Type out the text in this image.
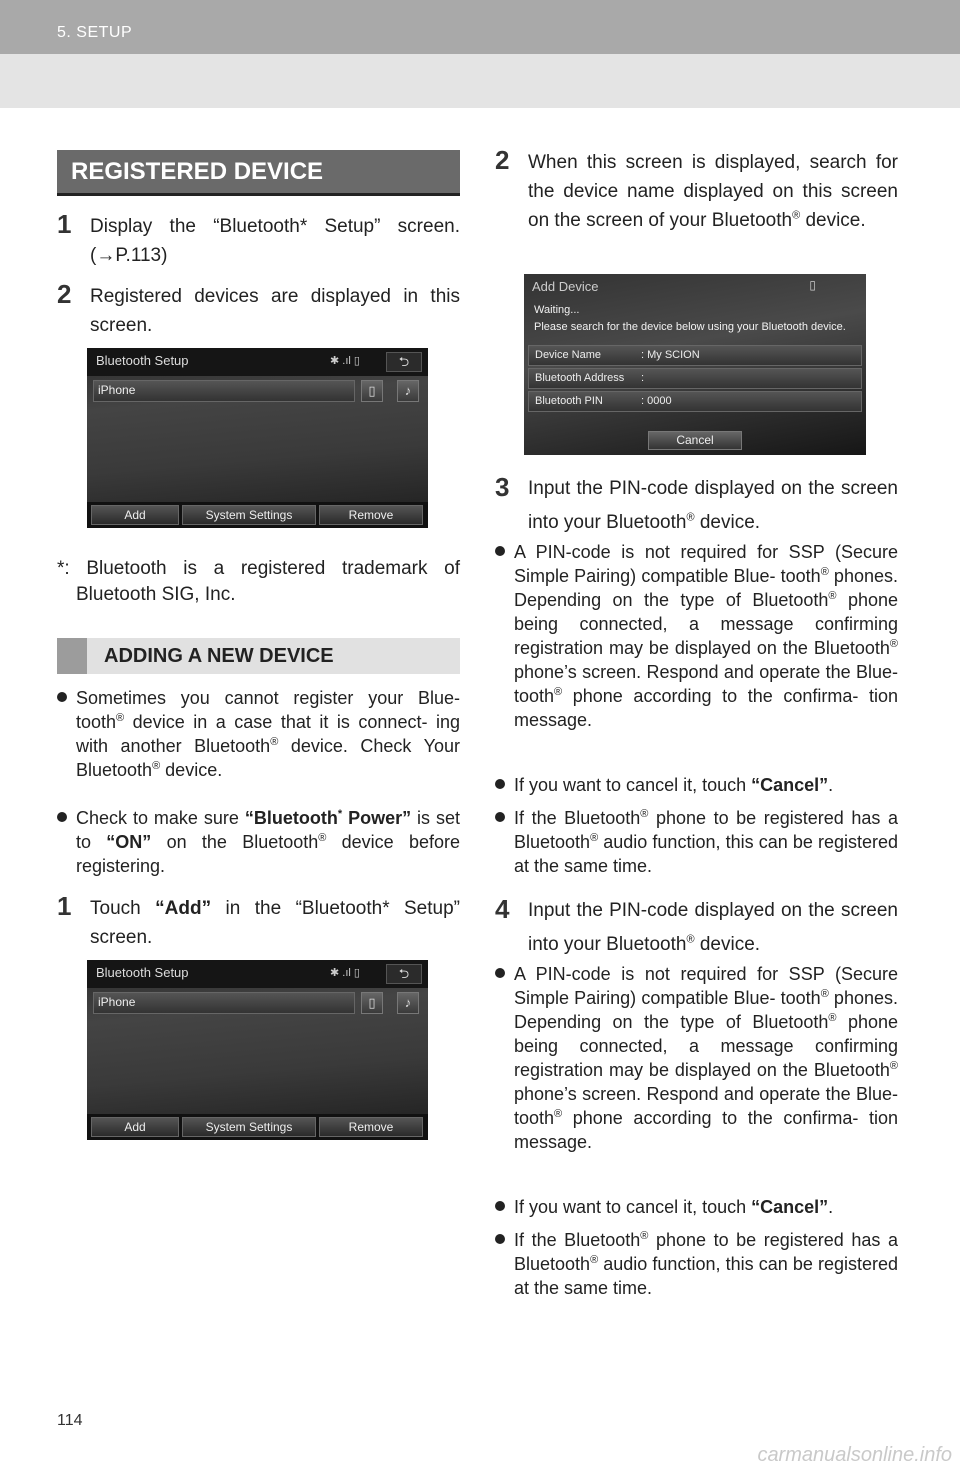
5. SETUP
REGISTERED DEVICE
1 Display the “Bluetooth* Setup” screen. (→P.113)
2 Registered devices are displayed in this screen.
Bluetooth Setup	✱ .ıl ▯	⮌
iPhone	▯	♪
Add	System Settings	Remove
*: Bluetooth is a registered trademark of Bluetooth SIG, Inc.
ADDING A NEW DEVICE
Sometimes you cannot register your Blue- tooth® device in a case that it is connect- ing with another Bluetooth® device. Check Your Bluetooth® device.
Check to make sure “Bluetooth* Power” is set to “ON” on the Bluetooth® device before registering.
1 Touch “Add” in the “Bluetooth* Setup” screen.
Bluetooth Setup	✱ .ıl ▯	⮌
iPhone	▯	♪
Add	System Settings	Remove
2 When this screen is displayed, search for the device name displayed on this screen on the screen of your Bluetooth® device.
Add Device	▯
Waiting...
Please search for the device below using your Bluetooth device.
Device Name	: My SCION
Bluetooth Address :
Bluetooth PIN	: 0000
Cancel
3 Input the PIN-code displayed on the screen into your Bluetooth® device.
A PIN-code is not required for SSP (Secure Simple Pairing) compatible Blue- tooth® phones. Depending on the type of Bluetooth® phone being connected, a message confirming registration may be displayed on the Bluetooth® phone’s screen. Respond and operate the Blue- tooth® phone according to the confirma- tion message.
If you want to cancel it, touch “Cancel”.
If the Bluetooth® phone to be registered has a Bluetooth® audio function, this can be registered at the same time.
4 Input the PIN-code displayed on the screen into your Bluetooth® device.
A PIN-code is not required for SSP (Secure Simple Pairing) compatible Blue- tooth® phones. Depending on the type of Bluetooth® phone being connected, a message confirming registration may be displayed on the Bluetooth® phone’s screen. Respond and operate the Blue- tooth® phone according to the confirma- tion message.
If you want to cancel it, touch “Cancel”.
If the Bluetooth® phone to be registered has a Bluetooth® audio function, this can be registered at the same time.
114
carmanualsonline.info
